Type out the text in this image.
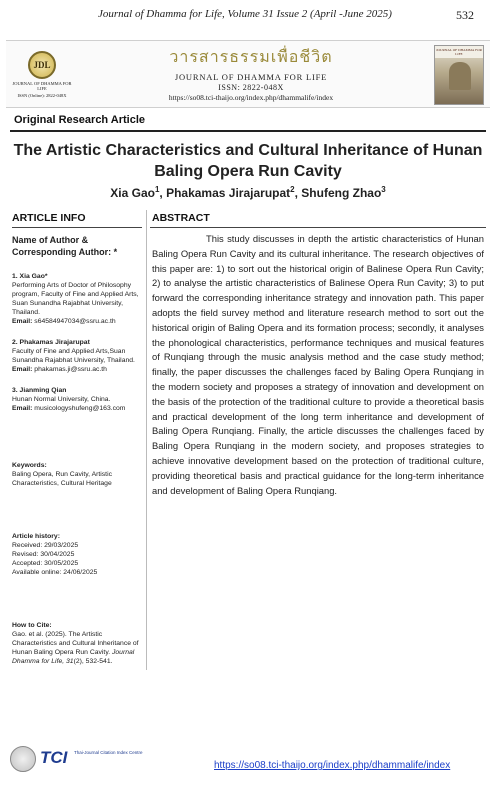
Journal of Dhamma for Life, Volume 31 Issue 2 (April -June 2025)	532
JDL
JOURNAL OF DHAMMA FOR LIFE
ISSN (Online): 2822-048X
วารสารธรรมเพื่อชีวิต
JOURNAL OF DHAMMA FOR LIFE
ISSN: 2822-048X
https://so08.tci-thaijo.org/index.php/dhammalife/index
JOURNAL OF DHAMMA FOR LIFE
Original Research Article
The Artistic Characteristics and Cultural Inheritance of Hunan Baling Opera Run Cavity
Xia Gao$^1$, Phakamas Jirajarupat$^2$, Shufeng Zhao$^3$
ARTICLE INFO	ABSTRACT
Name of Author &
Corresponding Author: *
1. Xia Gao*
Performing Arts of Doctor of Philosophy program, Faculty of Fine and Applied Arts, Suan Sunandha Rajabhat University, Thailand.
Email: s64584947034@ssru.ac.th
2. Phakamas Jirajarupat
Faculty of Fine and Applied Arts,Suan Sunandha Rajabhat University, Thailand.
Email: phakamas.ji@ssru.ac.th
3. Jianming Qian
Hunan Normal University, China.
Email: musicologyshufeng@163.com
Keywords:
Baling Opera, Run Cavity, Artistic Characteristics, Cultural Heritage
Article history:
Received: 29/03/2025
Revised: 30/04/2025
Accepted: 30/05/2025
Available online: 24/06/2025
How to Cite:
Gao. et al. (2025). The Artistic Characteristics and Cultural Inheritance of Hunan Baling Opera Run Cavity. Journal Dhamma for Life, 31(2), 532-541.
This study discusses in depth the artistic characteristics of Hunan Baling Opera Run Cavity and its cultural inheritance. The research objectives of this paper are: 1) to sort out the historical origin of Balinese Opera Run Cavity; 2) to analyse the artistic characteristics of Balinese Opera Run Cavity; 3) to put forward the corresponding inheritance strategy and innovation path. This paper adopts the field survey method and literature research method to sort out the historical origin of Baling Opera and its formation process; secondly, it analyses the phonological characteristics, performance techniques and musical features of Runqiang through the music analysis method and the case study method; finally, the paper discusses the challenges faced by Baling Opera Runqiang in the modern society and proposes a strategy of innovation and development on the basis of the protection of the traditional culture to provide a theoretical basis and practical development of the long term inheritance and development of Baling Opera Runqiang. Finally, the article discusses the challenges faced by Baling Opera Runqiang in the modern society, and proposes strategies to achieve innovative development based on the protection of traditional culture, providing theoretical basis and practical guidance for the long-term inheritance and development of Baling Opera Runqiang.
TCI	Thai-Journal Citation Index Centre
https://so08.tci-thaijo.org/index.php/dhammalife/index
